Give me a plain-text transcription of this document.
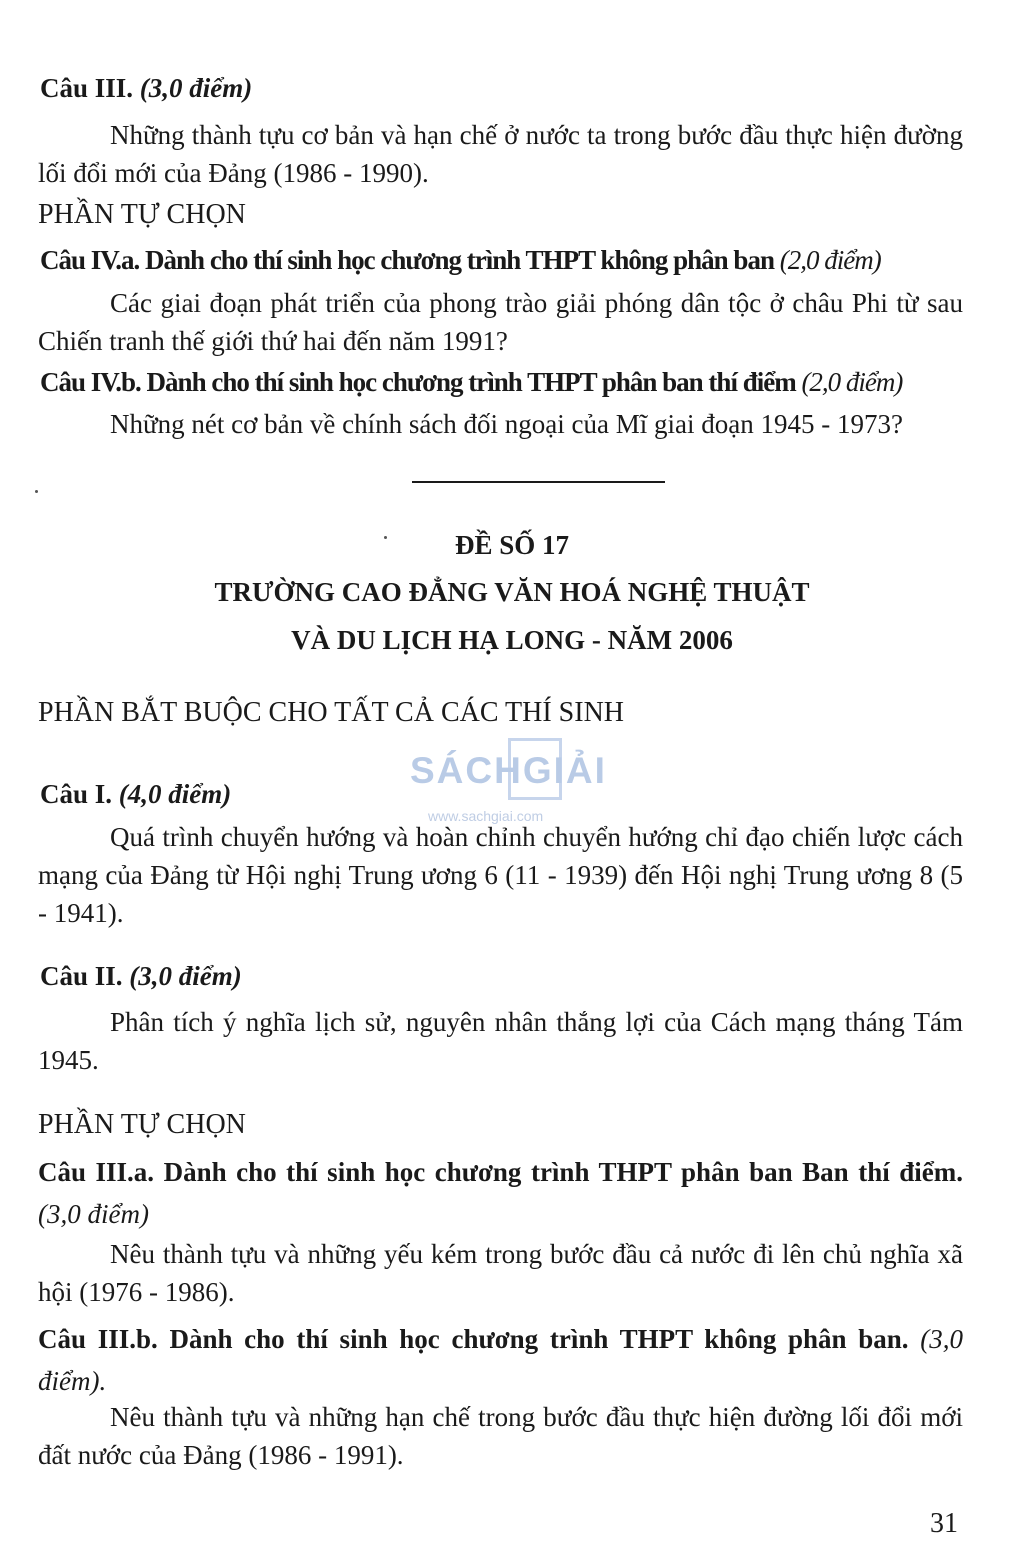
Câu III. (3,0 điểm)
Những thành tựu cơ bản và hạn chế ở nước ta trong bước đầu thực hiện đường lối đổi mới của Đảng (1986 - 1990).
PHẦN TỰ CHỌN
Câu IV.a. Dành cho thí sinh học chương trình THPT không phân ban (2,0 điểm)
Các giai đoạn phát triển của phong trào giải phóng dân tộc ở châu Phi từ sau Chiến tranh thế giới thứ hai đến năm 1991?
Câu IV.b. Dành cho thí sinh học chương trình THPT phân ban thí điểm (2,0 điểm)
Những nét cơ bản về chính sách đối ngoại của Mĩ giai đoạn 1945 - 1973?
ĐỀ SỐ 17
TRƯỜNG CAO ĐẲNG VĂN HOÁ NGHỆ THUẬT
VÀ DU LỊCH HẠ LONG - NĂM 2006
PHẦN BẮT BUỘC CHO TẤT CẢ CÁC THÍ SINH
SÁCHGIẢI
www.sachgiai.com
Câu I. (4,0 điểm)
Quá trình chuyển hướng và hoàn chỉnh chuyển hướng chỉ đạo chiến lược cách mạng của Đảng từ Hội nghị Trung ương 6 (11 - 1939) đến Hội nghị Trung ương 8 (5 - 1941).
Câu II. (3,0 điểm)
Phân tích ý nghĩa lịch sử, nguyên nhân thắng lợi của Cách mạng tháng Tám 1945.
PHẦN TỰ CHỌN
Câu III.a. Dành cho thí sinh học chương trình THPT phân ban Ban thí điểm. (3,0 điểm)
Nêu thành tựu và những yếu kém trong bước đầu cả nước đi lên chủ nghĩa xã hội (1976 - 1986).
Câu III.b. Dành cho thí sinh học chương trình THPT không phân ban. (3,0 điểm).
Nêu thành tựu và những hạn chế trong bước đầu thực hiện đường lối đổi mới đất nước của Đảng (1986 - 1991).
31
